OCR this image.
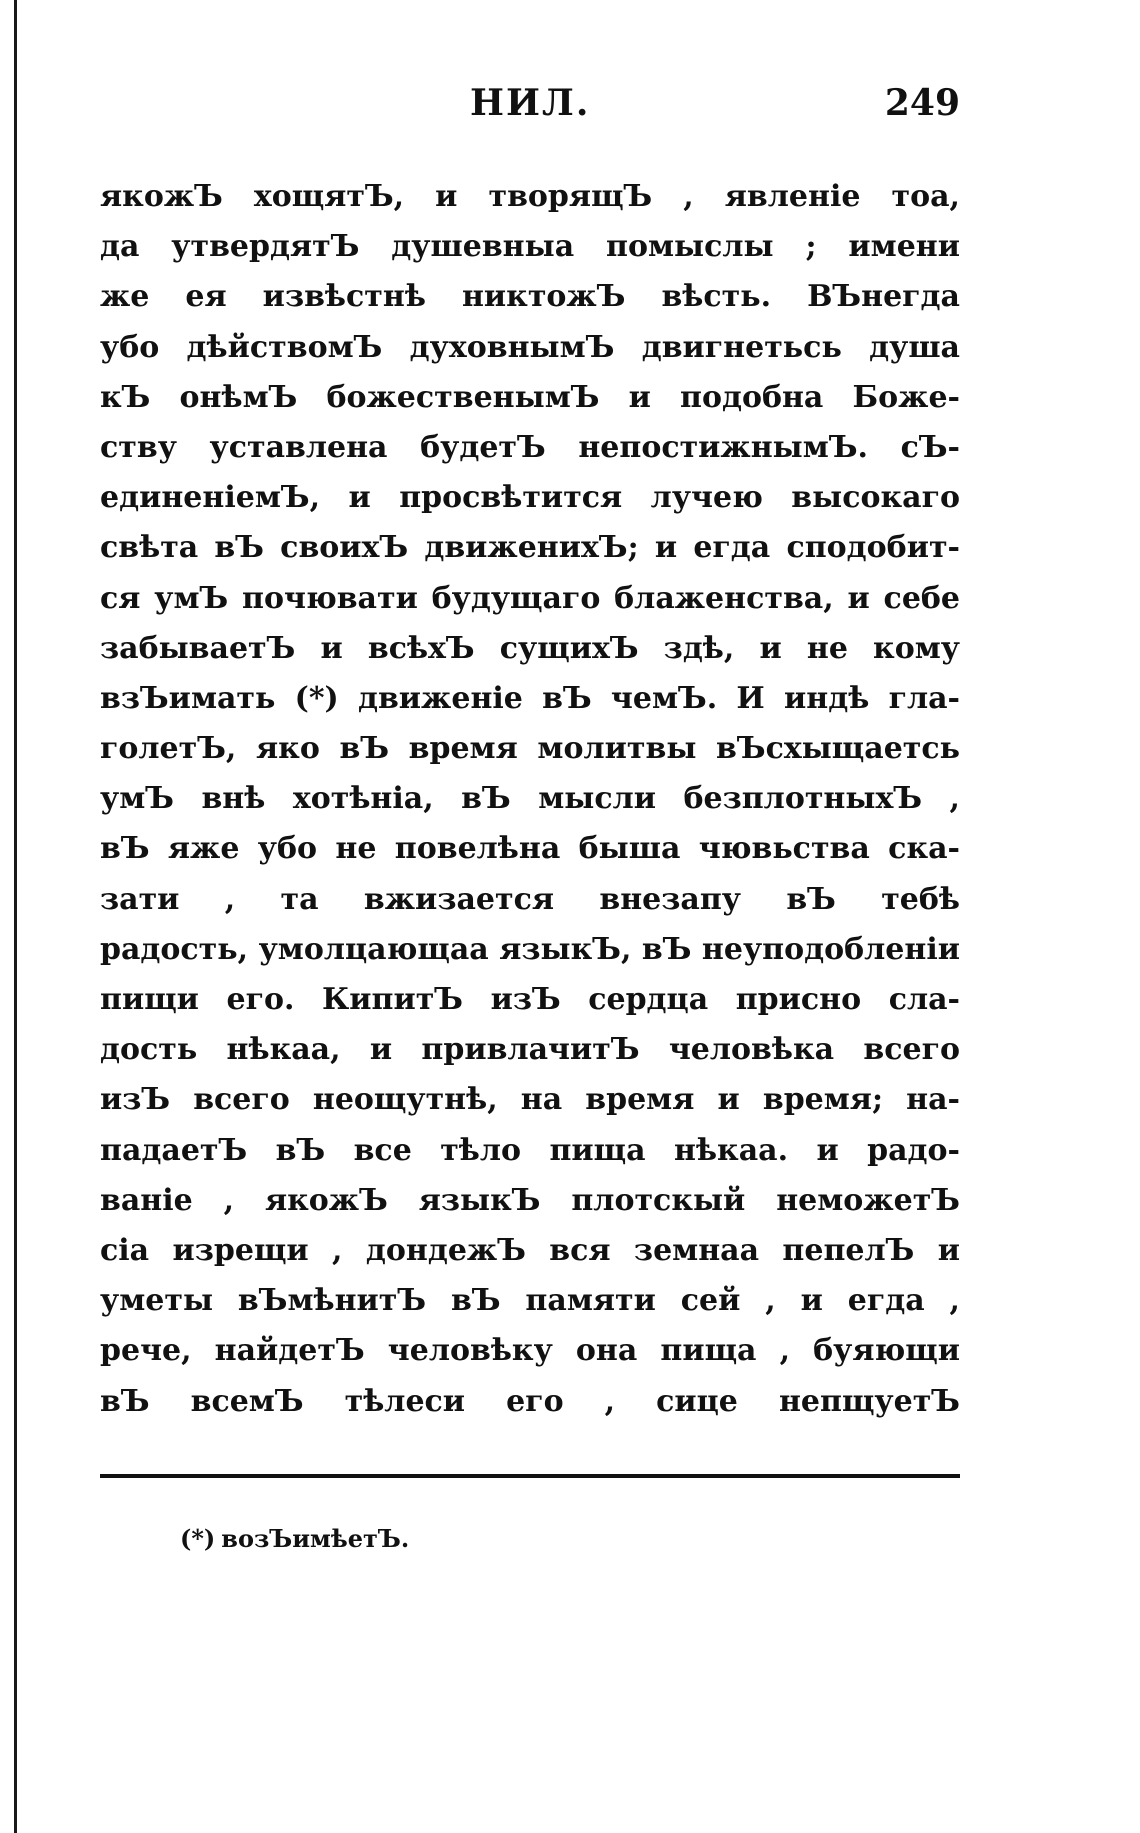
НИЛ.	249
якожЪ хощятЪ, и творящЪ , явленіе тоа,
да утвердятЪ душевныа помыслы ; имени
же ея извѣстнѣ никтожЪ вѣсть. ВЪнегда
убо дѣйствомЪ духовнымЪ двигнетьсь душа
кЪ онѣмЪ божественымЪ и подобна Боже-
ству уставлена будетЪ непостижнымЪ. сЪ-
единеніемЪ, и просвѣтится лучею высокаго
свѣта вЪ своихЪ движенихЪ; и егда сподобит-
ся умЪ почювати будущаго блаженства, и себе
забываетЪ и всѣхЪ сущихЪ здѣ, и не кому
взЪимать (*) движеніе вЪ чемЪ. И индѣ гла-
голетЪ, яко вЪ время молитвы вЪсхыщаетсь
умЪ внѣ хотѣніа, вЪ мысли безплотныхЪ ,
вЪ яже убо не повелѣна быша чювьства ска-
зати , та вжизается внезапу вЪ тебѣ
радость, умолцающаа языкЪ, вЪ неуподобленіи
пищи его. КипитЪ изЪ сердца присно сла-
дость нѣкаа, и привлачитЪ человѣка всего
изЪ всего неощутнѣ, на время и время; на-
падаетЪ вЪ все тѣло пища нѣкаа. и радо-
ваніе , якожЪ языкЪ плотскый неможетЪ
сіа изрещи , дондежЪ вся земнаа пепелЪ и
уметы вЪмѣнитЪ вЪ памяти сей , и егда ,
рече, найдетЪ человѣку она пища , буяющи
вЪ всемЪ тѣлеси его , сице непщуетЪ
(*) возЪимѣетЪ.
